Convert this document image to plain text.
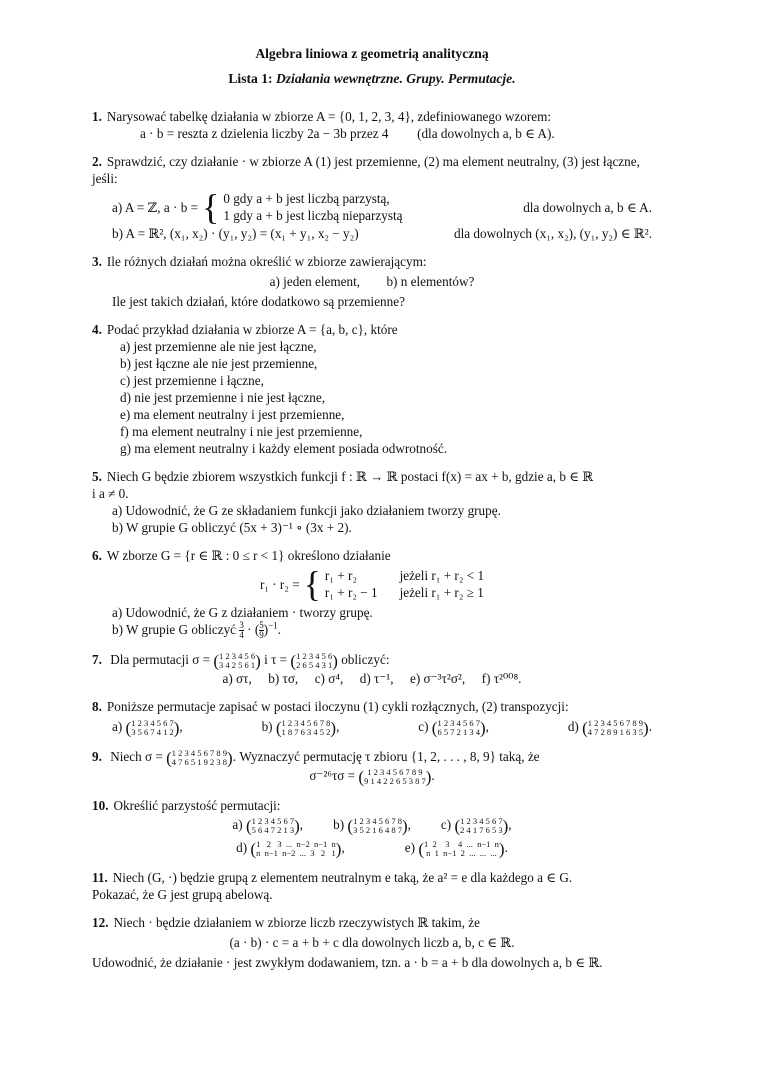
Algebra liniowa z geometrią analityczną
Lista 1: Działania wewnętrzne. Grupy. Permutacje.
1. Narysować tabelkę działania w zbiorze A = {0, 1, 2, 3, 4}, zdefiniowanego wzorem:
a · b = reszta z dzielenia liczby 2a − 3b przez 4 (dla dowolnych a, b ∈ A).
2. Sprawdzić, czy działanie · w zbiorze A (1) jest przemienne, (2) ma element neutralny, (3) jest łączne, jeśli:
a) A = ℤ, a · b = { 0 gdy a + b jest liczbą parzystą,
1 gdy a + b jest liczbą nieparzystą
dla dowolnych a, b ∈ A.
b) A = ℝ², (x₁, x₂) · (y₁, y₂) = (x₁ + y₁, x₂ − y₂)	dla dowolnych (x₁, x₂), (y₁, y₂) ∈ ℝ².
3. Ile różnych działań można określić w zbiorze zawierającym:
a) jeden element,        b) n elementów?
Ile jest takich działań, które dodatkowo są przemienne?
4. Podać przykład działania w zbiorze A = {a, b, c}, które
a) jest przemienne ale nie jest łączne,
b) jest łączne ale nie jest przemienne,
c) jest przemienne i łączne,
d) nie jest przemienne i nie jest łączne,
e) ma element neutralny i jest przemienne,
f) ma element neutralny i nie jest przemienne,
g) ma element neutralny i każdy element posiada odwrotność.
5. Niech G będzie zbiorem wszystkich funkcji f : ℝ → ℝ postaci f(x) = ax + b, gdzie a, b ∈ ℝ
i a ≠ 0.
a) Udowodnić, że G ze składaniem funkcji jako działaniem tworzy grupę.
b) W grupie G obliczyć (5x + 3)⁻¹ ∘ (3x + 2).
6. W zborze G = {r ∈ ℝ : 0 ≤ r < 1} określono działanie
r₁ · r₂ = { r₁ + r₂
r₁ + r₂ − 1
jeżeli r₁ + r₂ < 1
jeżeli r₁ + r₂ ≥ 1
a) Udowodnić, że G z działaniem · tworzy grupę.
b) W grupie G obliczyć $\frac{3}{4}$ · ( $\frac{5}{9} )^{-1}$.
7. Dla permutacji σ = ( 1 2 3 4 5 6
3 4 2 5 6 1 ) i τ = ( 1 2 3 4 5 6
2 6 5 4 3 1 ) obliczyć:
a) στ,     b) τσ,     c) σ⁴,     d) τ⁻¹,     e) σ⁻³τ²σ²,     f) τ²⁰⁰⁸.
8. Poniższe permutacje zapisać w postaci iloczynu (1) cykli rozłącznych, (2) transpozycji:
a) ( 1 2 3 4 5 6 7
3 5 6 7 4 1 2 ),	b) ( 1 2 3 4 5 6 7 8
1 8 7 6 3 4 5 2 ),	c) ( 1 2 3 4 5 6 7
6 5 7 2 1 3 4 ),	d) ( 1 2 3 4 5 6 7 8 9
4 7 2 8 9 1 6 3 5 ).
9. Niech σ = ( 1 2 3 4 5 6 7 8 9
4 7 6 5 1 9 2 3 8 ). Wyznaczyć permutację τ zbioru {1, 2, . . . , 8, 9} taką, że
σ⁻²⁶τσ = ( 1 2 3 4 5 6 7 8 9
9 1 4 2 2 6 5 3 8 7 ).
10. Określić parzystość permutacji:
a) ( 1 2 3 4 5 6 7
5 6 4 7 2 1 3 ), b) ( 1 2 3 4 5 6 7 8
3 5 2 1 6 4 8 7 ), c) ( 1 2 3 4 5 6 7
2 4 1 7 6 5 3 ),
d) ( 1   2   3  ...  n−2  n−1  n
n  n−1  n−2  ...  3   2   1 ),	e) ( 1  2    3    4  ...  n−1  n
n  1  n−1  2  ...  ...  ... ).
11. Niech (G, ·) będzie grupą z elementem neutralnym e taką, że a² = e dla każdego a ∈ G.
Pokazać, że G jest grupą abelową.
12. Niech · będzie działaniem w zbiorze liczb rzeczywistych ℝ takim, że
(a · b) · c = a + b + c dla dowolnych liczb a, b, c ∈ ℝ.
Udowodnić, że działanie · jest zwykłym dodawaniem, tzn. a · b = a + b dla dowolnych a, b ∈ ℝ.
